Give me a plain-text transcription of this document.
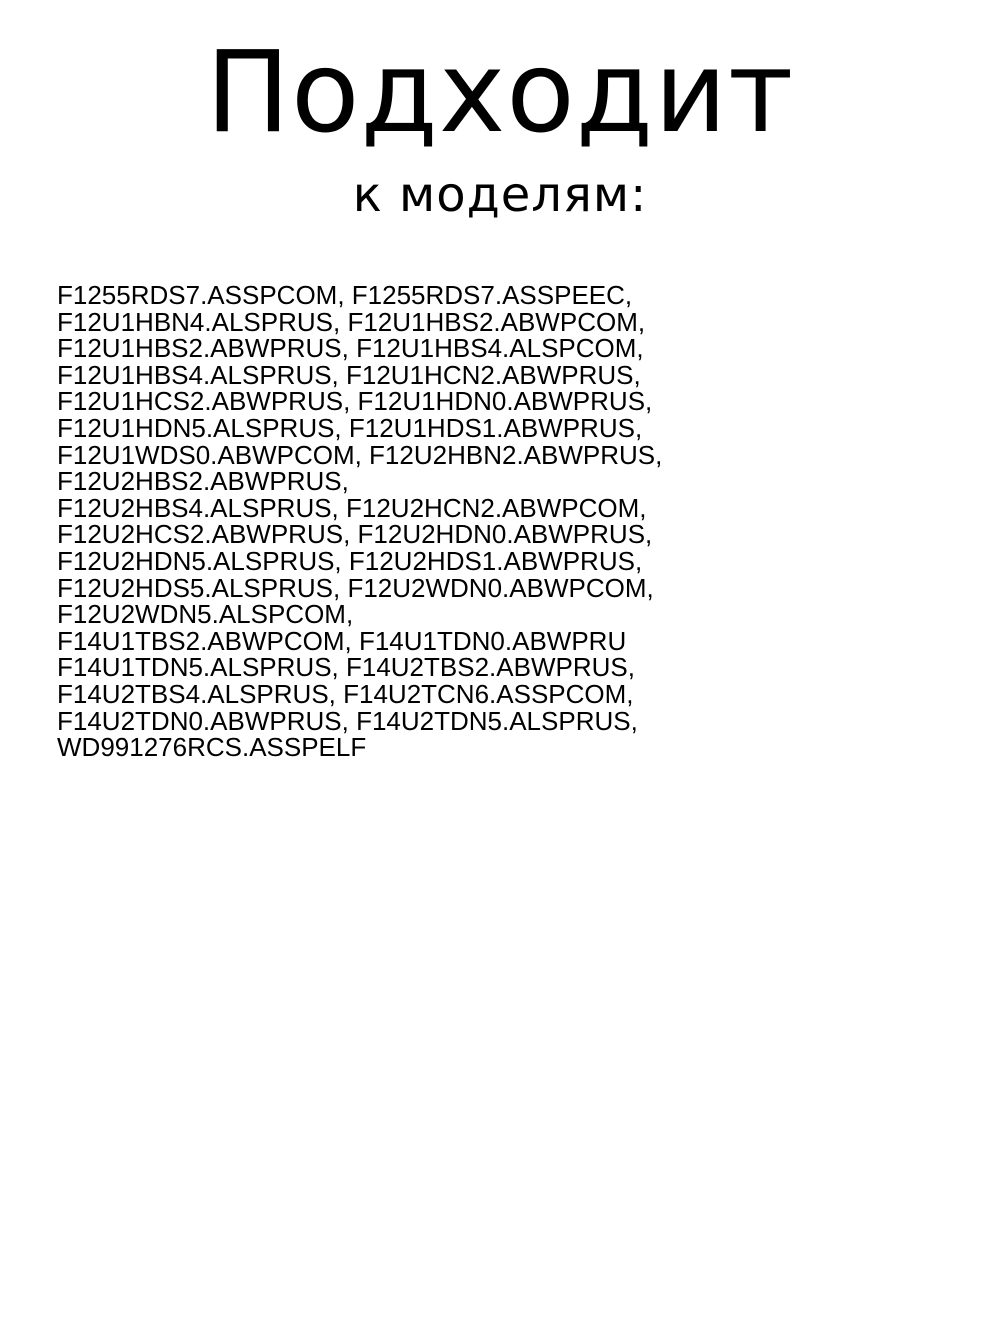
Подходит
к моделям:
F1255RDS7.ASSPCOM, F1255RDS7.ASSPEEC,
F12U1HBN4.ALSPRUS, F12U1HBS2.ABWPCOM,
F12U1HBS2.ABWPRUS, F12U1HBS4.ALSPCOM,
F12U1HBS4.ALSPRUS, F12U1HCN2.ABWPRUS,
F12U1HCS2.ABWPRUS, F12U1HDN0.ABWPRUS,
F12U1HDN5.ALSPRUS, F12U1HDS1.ABWPRUS,
F12U1WDS0.ABWPCOM, F12U2HBN2.ABWPRUS,
F12U2HBS2.ABWPRUS,
F12U2HBS4.ALSPRUS, F12U2HCN2.ABWPCOM,
F12U2HCS2.ABWPRUS, F12U2HDN0.ABWPRUS,
F12U2HDN5.ALSPRUS, F12U2HDS1.ABWPRUS,
F12U2HDS5.ALSPRUS, F12U2WDN0.ABWPCOM,
F12U2WDN5.ALSPCOM,
F14U1TBS2.ABWPCOM, F14U1TDN0.ABWPRU
F14U1TDN5.ALSPRUS, F14U2TBS2.ABWPRUS,
F14U2TBS4.ALSPRUS, F14U2TCN6.ASSPCOM,
F14U2TDN0.ABWPRUS, F14U2TDN5.ALSPRUS,
WD991276RCS.ASSPELF
